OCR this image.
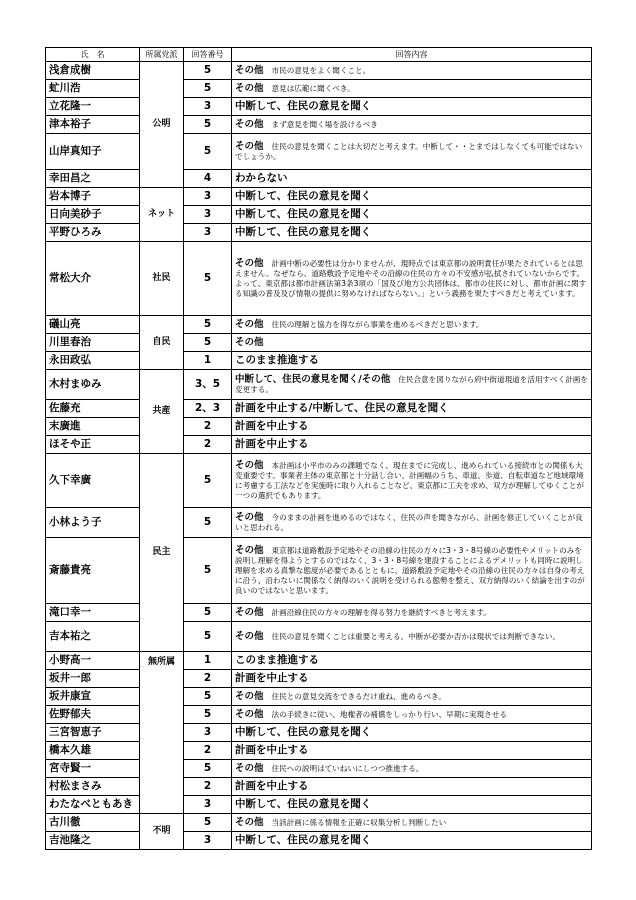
氏　名	所属党派	回答番号	回答内容
浅倉成樹	公明	5	その他　 市民の意見をよく聞くこと。
虻川浩		5	その他　 意見は広範に聞くべき。
立花隆一		3	中断して、住民の意見を聞く
津本裕子		5	その他　 まず意見を聞く場を設けるべき
山岸真知子		5	その他　 住民の意見を聞くことは大切だと考えます。中断して・・とまではしなくても可能ではないでしょうか。
幸田昌之		4	わからない
岩本博子	ネット	3	中断して、住民の意見を聞く
日向美砂子		3	中断して、住民の意見を聞く
平野ひろみ		3	中断して、住民の意見を聞く
常松大介	社民	5	その他　 計画中断の必要性は分かりませんが、現時点では東京都の説明責任が果たされているとは思えません。なぜなら、道路敷設予定地やその沿線の住民の方々の不安感が払拭されていないからです。よって、東京都は都市計画法第3条3項の「国及び地方公共団体は、都市の住民に対し、都市計画に関する知識の普及及び情報の提供に努めなければならない。」という義務を果たすべきだと考えています。
礒山亮	自民	5	その他　 住民の理解と協力を得ながら事業を進めるべきだと思います。
川里春治		5	その他
永田政弘		1	このまま推進する
木村まゆみ	共産	3、5	中断して、住民の意見を聞く/その他　 住民合意を図りながら府中街道現道を活用すべく計画を変更する。
佐藤充		2、3	計画を中止する/中断して、住民の意見を聞く
末廣進		2	計画を中止する
ほそや正		2	計画を中止する
久下幸廣	民主	5	その他　 本計画は小平市のみの課題でなく、現在までに完成し、進められている接続市との関係も大変重要です。事業者主体の東京都と十分話し合い、計画幅のうち、車道、歩道、自転車道など地域環境に考慮する工法などを実施時に取り入れることなど、東京都に工夫を求め、双方が理解してゆくことが一つの選択でもあります。
小林よう子		5	その他　 今のままの計画を進めるのではなく、住民の声を聞きながら、計画を修正していくことが良いと思われる。
斎藤貴亮		5	その他　 東京都は道路敷設予定地やその沿線の住民の方々に3・3・8号線の必要性やメリットのみを説明し理解を得ようとするのではなく、3・3・8号線を建設することによるデメリットも同時に説明し理解を求める真摯な態度が必要であるとともに、道路敷設予定地やその沿線の住民の方々は自身の考えに沿う、沿わないに関係なく納得のいく説明を受けられる態勢を整え、双方納得のいく結論を出すのが良いのではないと思います。
滝口幸一		5	その他　 計画沿線住民の方々の理解を得る努力を継続すべきと考えます。
吉本祐之		5	その他　 住民の意見を聞くことは重要と考える。中断が必要か否かは現状では判断できない。
小野高一	無所属	1	このまま推進する
坂井一郎		2	計画を中止する
坂井康宣		5	その他　 住民との意見交流をできるだけ重ね、進めるべき。
佐野郁夫		5	その他　 法の手続きに従い、地権者の補償をしっかり行い、早期に実現させる
三宮智恵子		3	中断して、住民の意見を聞く
橋本久雄		2	計画を中止する
宮寺賢一		5	その他　 住民への説明はていねいにしつつ推進する。
村松まさみ		2	計画を中止する
わたなべともあき		3	中断して、住民の意見を聞く
古川徹	不明	5	その他　 当該計画に係る情報を正確に収集分析し判断したい
吉池隆之		3	中断して、住民の意見を聞く
